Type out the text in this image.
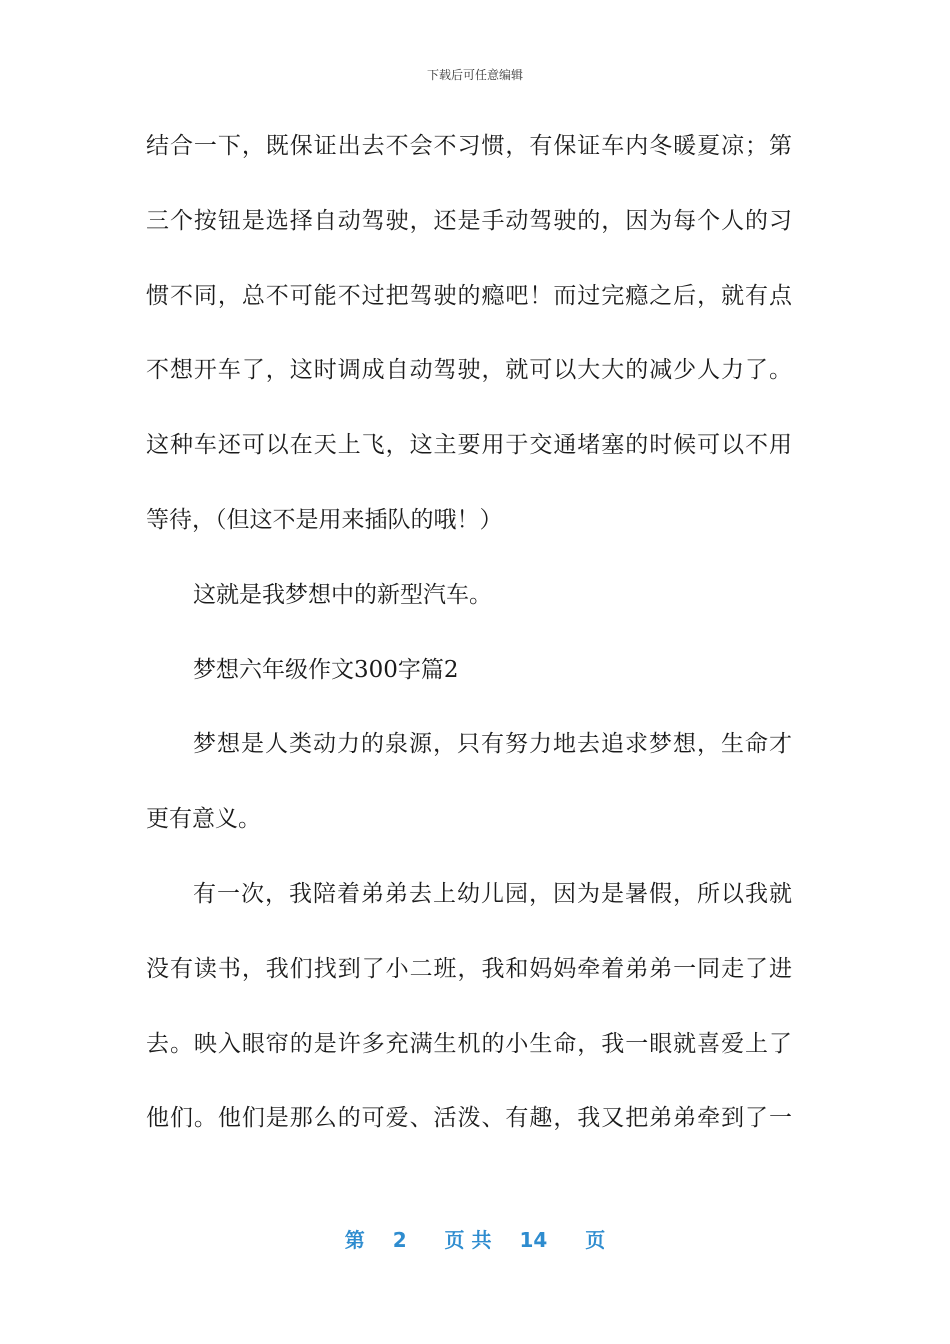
下载后可任意编辑
结合一下，既保证出去不会不习惯，有保证车内冬暖夏凉；第
三个按钮是选择自动驾驶，还是手动驾驶的，因为每个人的习
惯不同，总不可能不过把驾驶的瘾吧！而过完瘾之后，就有点
不想开车了，这时调成自动驾驶，就可以大大的减少人力了。
这种车还可以在天上飞，这主要用于交通堵塞的时候可以不用
等待，（但这不是用来插队的哦！）
这就是我梦想中的新型汽车。
梦想六年级作文300字篇2
梦想是人类动力的泉源，只有努力地去追求梦想，生命才
更有意义。
有一次，我陪着弟弟去上幼儿园，因为是暑假，所以我就
没有读书，我们找到了小二班，我和妈妈牵着弟弟一同走了进
去。映入眼帘的是许多充满生机的小生命，我一眼就喜爱上了
他们。他们是那么的可爱、活泼、有趣，我又把弟弟牵到了一
第 2 页 共 14 页
